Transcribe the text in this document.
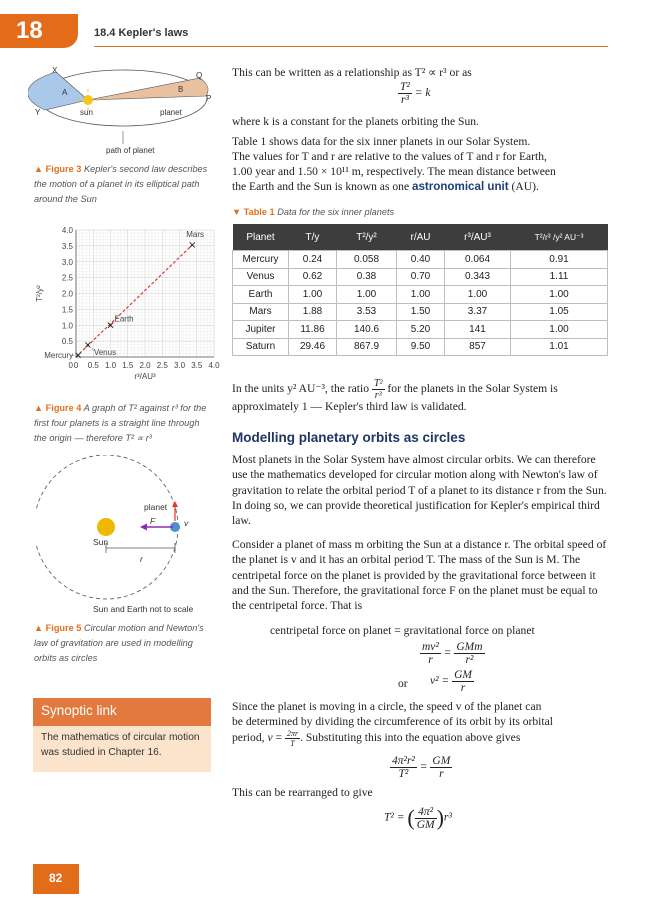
18	18.4 Kepler's laws
X
Y
A	B
Q
P
sun	planet
path of planet
▲ Figure 3 Kepler's second law describes the motion of a planet in its elliptical path around the Sun
0 0.5 1.0 1.5 2.0 2.5 3.0 3.5 4.0
0.5
1.0
1.5
2.0
2.5
3.0
3.5
4.0
0
r³/AU³
T²/y²
Mercury	Venus
Earth
Mars
▲ Figure 4 A graph of T² against r³ for the first four planets is a straight line through the origin — therefore T² ∝ r³
planet
F	v
Sun
r
Sun and Earth not to scale
▲ Figure 5 Circular motion and Newton's law of gravitation are used in modelling orbits as circles
Synoptic link
The mathematics of circular motion was studied in Chapter 16.
82
This can be written as a relationship as T² ∝ r³ or as
$\frac{\text{T²}}{\text{r³}} = k$
where k is a constant for the planets orbiting the Sun.
Table 1 shows data for the six inner planets in our Solar System.
The values for T and r are relative to the values of T and r for Earth,
1.00 year and 1.50 × 10¹¹ m, respectively. The mean distance between
the Earth and the Sun is known as one astronomical unit (AU).
▼ Table 1 Data for the six inner planets
Planet	T/y	T²/y²	r/AU	r³/AU³	T²/r³ /y² AU⁻³
Mercury	0.24	0.058	0.40	0.064	0.91
Venus	0.62	0.38	0.70	0.343	1.11
Earth	1.00	1.00	1.00	1.00	1.00
Mars	1.88	3.53	1.50	3.37	1.05
Jupiter	11.86	140.6	5.20	141	1.00
Saturn	29.46	867.9	9.50	857	1.01
In the units y² AU⁻³, the ratio $\frac{\text{T²}}{\text{r³}}$ for the planets in the Solar System is
approximately 1 — Kepler's third law is validated.
Modelling planetary orbits as circles
Most planets in the Solar System have almost circular orbits. We can therefore use the mathematics developed for circular motion along with Newton's law of gravitation to relate the orbital period T of a planet to its distance r from the Sun. In doing so, we can provide theoretical justification for Kepler's empirical third law.
Consider a planet of mass m orbiting the Sun at a distance r. The orbital speed of the planet is v and it has an orbital period T. The mass of the Sun is M. The centripetal force on the planet is provided by the gravitational force between it and the Sun. Therefore, the gravitational force F on the planet must be equal to the centripetal force. That is
centripetal force on planet = gravitational force on planet
$\frac{\text{mv²}}{r} = \frac{\text{GMm}}{\text{r²}}$
or $v^2 = \frac{GM}{r}$
Since the planet is moving in a circle, the speed v of the planet can
be determined by dividing the circumference of its orbit by its orbital
period, $v = \frac{2\pi r}{T}$ . Substituting this into the equation above gives
$\frac{\text{4π²r²}}{\text{T²}} = \frac{GM}{r}$
This can be rearranged to give
T² = ( $\frac{\text{4π²}}{GM} )r^3$
